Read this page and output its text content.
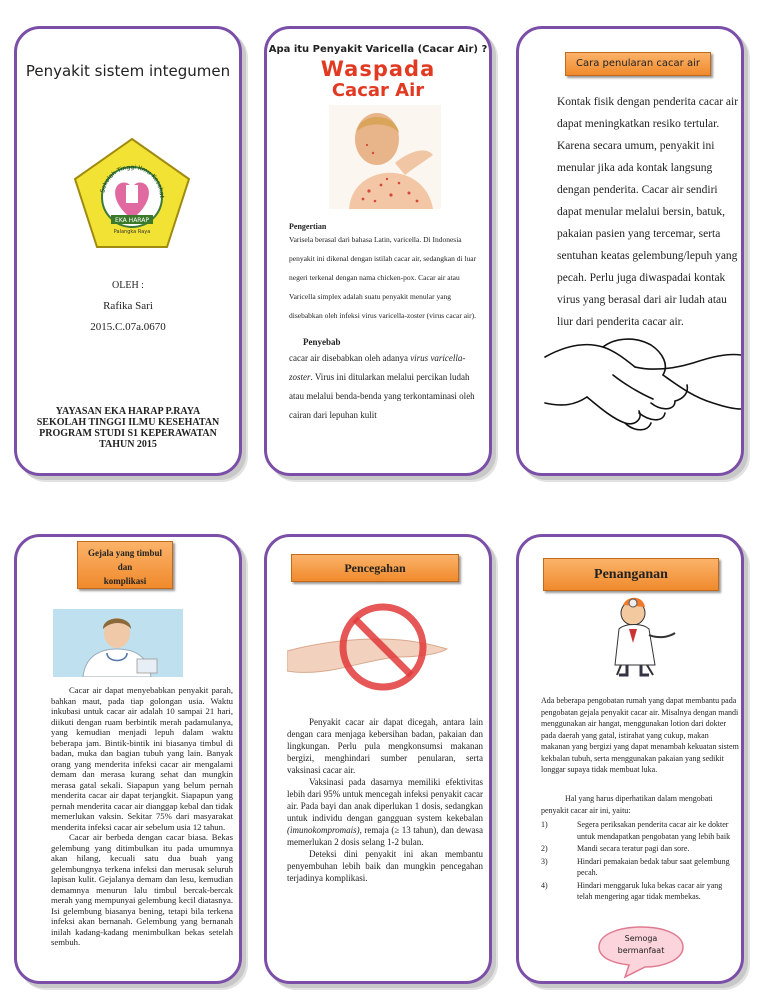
Penyakit sistem integumen
Sekolah Tinggi Ilmu Kesehat
EKA HARAP
Palangka Raya
OLEH :
Rafika Sari
2015.C.07a.0670
YAYASAN EKA HARAP P.RAYA
SEKOLAH TINGGI ILMU KESEHATAN
PROGRAM STUDI S1 KEPERAWATAN
TAHUN 2015
Apa itu Penyakit Varicella (Cacar Air) ?
Waspada
Cacar Air
Pengertian
Varisela berasal dari bahasa Latin, varicella. Di Indonesia penyakit ini dikenal dengan istilah cacar air, sedangkan di luar negeri terkenal dengan nama chicken-pox. Cacar air atau Varicella simplex adalah suatu penyakit menular yang disebabkan oleh infeksi virus varicella-zoster (virus cacar air).
Penyebab
cacar air disebabkan oleh adanya virus varicella-zoster. Virus ini ditularkan melalui percikan ludah atau melalui benda-benda yang terkontaminasi oleh cairan dari lepuhan kulit
Cara penularan cacar air
Kontak fisik dengan penderita cacar air dapat meningkatkan resiko tertular. Karena secara umum, penyakit ini menular jika ada kontak langsung dengan penderita. Cacar air sendiri dapat menular melalui bersin, batuk, pakaian pasien yang tercemar, serta sentuhan keatas gelembung/lepuh yang pecah. Perlu juga diwaspadai kontak virus yang berasal dari air ludah atau liur dari penderita cacar air.
Gejala yang timbul
dan
komplikasi

Cacar air dapat menyebabkan penyakit parah, bahkan maut, pada tiap golongan usia. Waktu inkubasi untuk cacar air adalah 10 sampai 21 hari, diikuti dengan ruam berbintik merah padamulanya, yang kemudian menjadi lepuh dalam waktu beberapa jam. Bintik-bintik ini biasanya timbul di badan, muka dan bagian tubuh yang lain. Banyak orang yang menderita infeksi cacar air mengalami demam dan merasa kurang sehat dan mungkin merasa gatal sekali. Siapapun yang belum pernah menderita cacar air dapat terjangkit. Siapapun yang pernah menderita cacar air dianggap kebal dan tidak memerlukan vaksin. Sekitar 75% dari masyarakat menderita infeksi cacar air sebelum usia 12 tahun.

Cacar air berbeda dengan cacar biasa. Bekas gelembung yang ditimbulkan itu pada umumnya akan hilang, kecuali satu dua buah yang gelembungnya terkena infeksi dan merusak seluruh lapisan kulit. Gejalanya demam dan lesu, kemudian demamnya menurun lalu timbul bercak-bercak merah yang mempunyai gelembung kecil diatasnya. Isi gelembung biasanya bening, tetapi bila terkena infeksi akan bernanah. Gelembung yang bernanah inilah kadang-kadang menimbulkan bekas setelah sembuh.

Pencegahan

Penyakit cacar air dapat dicegah, antara lain dengan cara menjaga kebersihan badan, pakaian dan lingkungan. Perlu pula mengkonsumsi makanan bergizi, menghindari sumber penularan, serta vaksinasi cacar air.

Vaksinasi pada dasarnya memiliki efektivitas lebih dari 95% untuk mencegah infeksi penyakit cacar air. Pada bayi dan anak diperlukan 1 dosis, sedangkan untuk individu dengan gangguan system kekebalan (imunokompromais), remaja (≥ 13 tahun), dan dewasa memerlukan 2 dosis selang 1-2 bulan.

Deteksi dini penyakit ini akan membantu penyembuhan lebih baik dan mungkin pencegahan terjadinya komplikasi.

Penanganan
Ada beberapa pengobatan rumah yang dapat membantu pada pengobatan gejala penyakit cacar air. Misalnya dengan mandi menggunakan air hangat, menggunakan lotion dari dokter pada daerah yang gatal, istirahat yang cukup, makan makanan yang bergizi yang dapat menambah kekuatan sistem kekbalan tubuh, serta menggunakan pakaian yang sedikit longgar supaya tidak membuat luka.
Hal yang harus diperhatikan dalam mengobati penyakit cacar air ini, yaitu:
1)	Segera periksakan penderita cacar air ke dokter untuk mendapatkan pengobatan yang lebih baik
2)	Mandi secara teratur pagi dan sore.
3)	Hindari pemakaian bedak tabur saat gelembung pecah.
4)	Hindari menggaruk luka bekas cacar air yang telah mengering agar tidak membekas.
Semoga
bermanfaat
